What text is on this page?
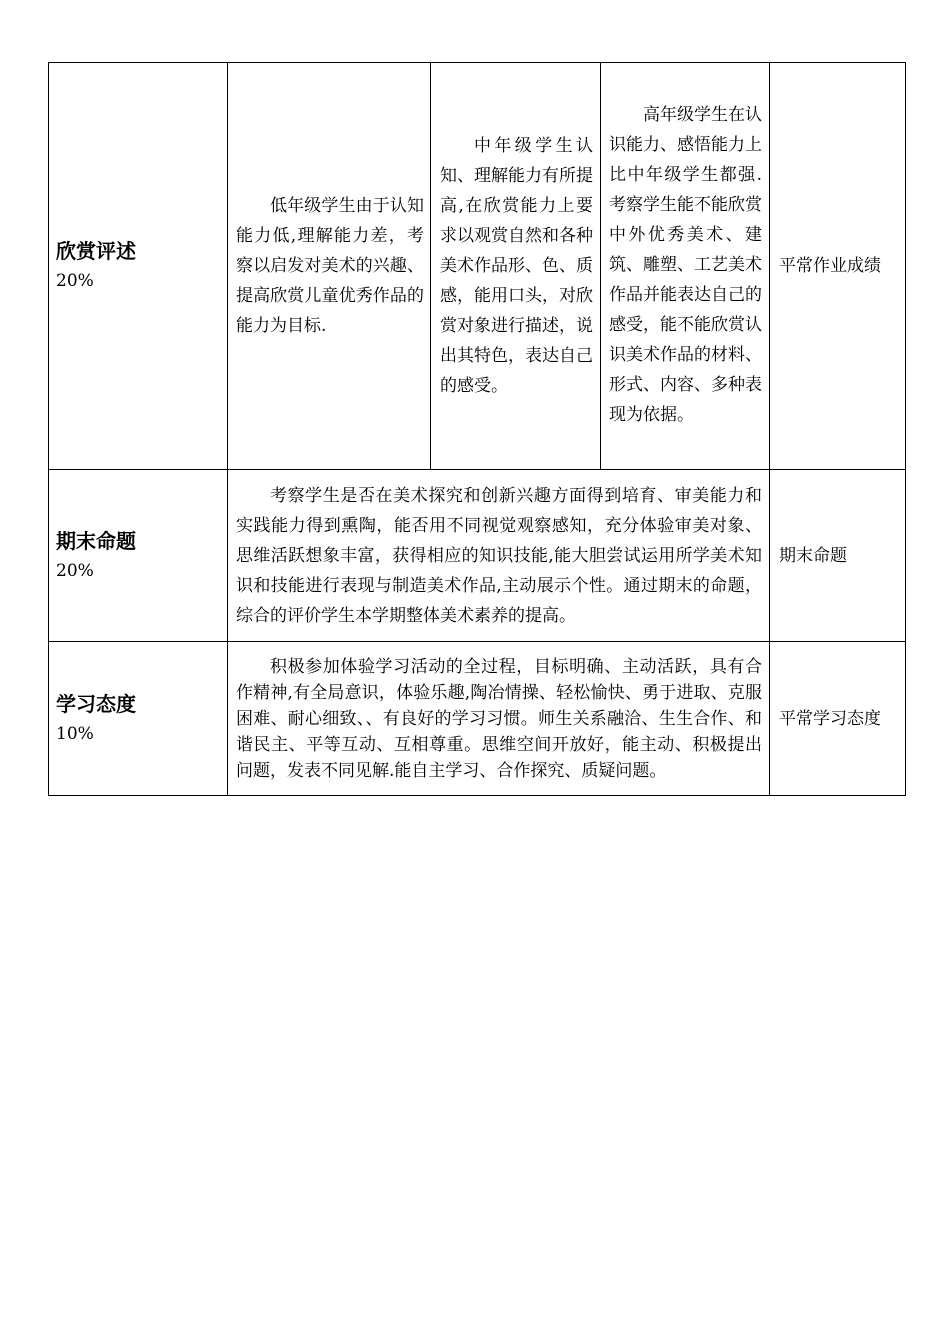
欣赏评述
20%
低年级学生由于认知能力低,理解能力差，考察以启发对美术的兴趣、提高欣赏儿童优秀作品的能力为目标.
中年级学生认知、理解能力有所提高,在欣赏能力上要求以观赏自然和各种美术作品形、色、质感，能用口头，对欣赏对象进行描述，说出其特色，表达自己的感受。
高年级学生在认识能力、感悟能力上比中年级学生都强.考察学生能不能欣赏中外优秀美术、建筑、雕塑、工艺美术作品并能表达自己的感受，能不能欣赏认识美术作品的材料、形式、内容、多种表现为依据。
平常作业成绩
期末命题
20%
考察学生是否在美术探究和创新兴趣方面得到培育、审美能力和实践能力得到熏陶，能否用不同视觉观察感知，充分体验审美对象、思维活跃想象丰富，获得相应的知识技能,能大胆尝试运用所学美术知识和技能进行表现与制造美术作品,主动展示个性。通过期末的命题，综合的评价学生本学期整体美术素养的提高。
期末命题
学习态度
10%
积极参加体验学习活动的全过程，目标明确、主动活跃，具有合作精神,有全局意识，体验乐趣,陶冶情操、轻松愉快、勇于进取、克服困难、耐心细致、、有良好的学习习惯。师生关系融洽、生生合作、和谐民主、平等互动、互相尊重。思维空间开放好，能主动、积极提出问题，发表不同见解.能自主学习、合作探究、质疑问题。
平常学习态度
